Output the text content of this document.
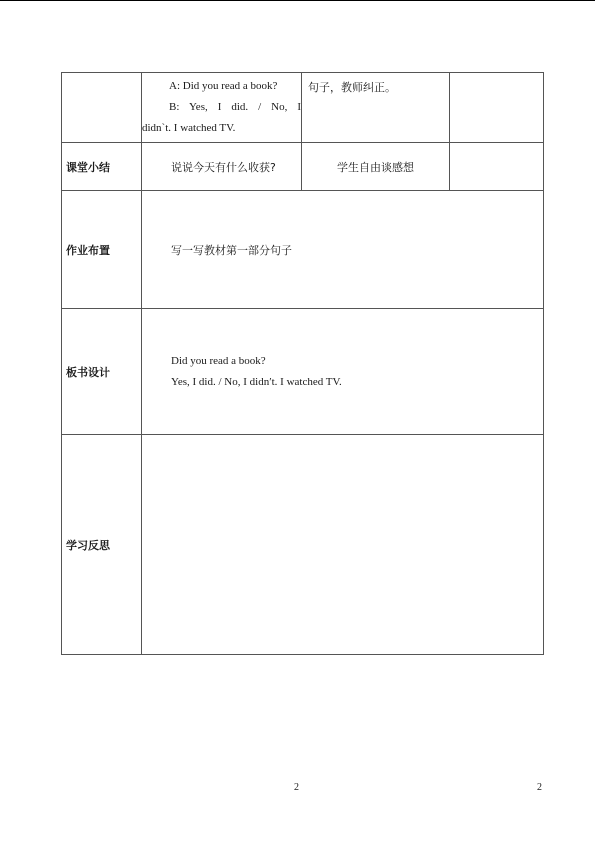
	A: Did you read a book?
B: Yes, I did. / No, I
didn`t. I watched TV.	句子，教师纠正。	
课堂小结	说说今天有什么收获?	学生自由谈感想	
作业布置	写一写教材第一部分句子		
板书设计	Did you read a book?
Yes, I did. / No, I didnʹt. I watched TV.		

学习反思			
2	2
